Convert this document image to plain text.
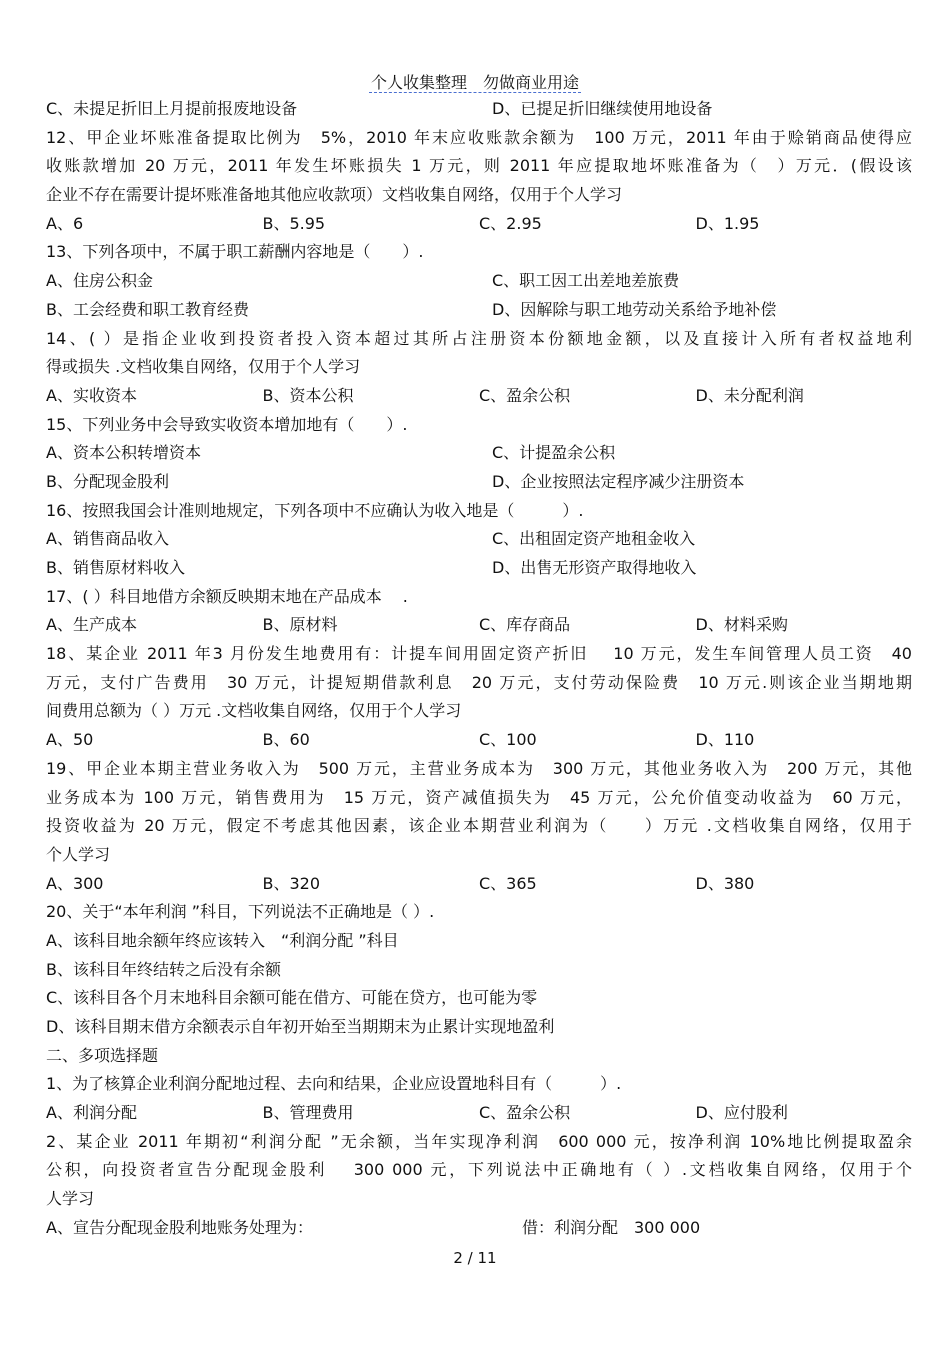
个人收集整理　勿做商业用途
C、未提足折旧上月提前报废地设备	D、已提足折旧继续使用地设备
12、甲企业坏账准备提取比例为　5%，2010 年末应收账款余额为　100 万元，2011 年由于赊销商品使得应
收账款增加 20 万元，2011 年发生坏账损失 1 万元，则 2011 年应提取地坏账准备为（　）万元．(假设该
企业不存在需要计提坏账准备地其他应收款项）文档收集自网络，仅用于个人学习
A、6	B、5.95	C、2.95	D、1.95
13、下列各项中，不属于职工薪酬内容地是（　　）.
A、住房公积金	C、职工因工出差地差旅费
B、工会经费和职工教育经费	D、因解除与职工地劳动关系给予地补偿
14、( ）是指企业收到投资者投入资本超过其所占注册资本份额地金额，以及直接计入所有者权益地利
得或损失 .文档收集自网络，仅用于个人学习
A、实收资本	B、资本公积	C、盈余公积	D、未分配利润
15、下列业务中会导致实收资本增加地有（　　）.
A、资本公积转增资本	C、计提盈余公积
B、分配现金股利	D、企业按照法定程序减少注册资本
16、按照我国会计准则地规定，下列各项中不应确认为收入地是（　　　）.
A、销售商品收入	C、出租固定资产地租金收入
B、销售原材料收入	D、出售无形资产取得地收入
17、( ）科目地借方余额反映期末地在产品成本　 .
A、生产成本	B、原材料	C、库存商品	D、材料采购
18、某企业 2011 年3 月份发生地费用有：计提车间用固定资产折旧　 10 万元，发生车间管理人员工资　40
万元，支付广告费用　30 万元，计提短期借款利息　20 万元，支付劳动保险费　10 万元.则该企业当期地期
间费用总额为（ ）万元 .文档收集自网络，仅用于个人学习
A、50	B、60	C、100	D、110
19、甲企业本期主营业务收入为　500 万元，主营业务成本为　300 万元，其他业务收入为　200 万元，其他
业务成本为 100 万元，销售费用为　15 万元，资产减值损失为　45 万元，公允价值变动收益为　60 万元，
投资收益为 20 万元，假定不考虑其他因素，该企业本期营业利润为（　　）万元 .文档收集自网络，仅用于
个人学习
A、300	B、320	C、365	D、380
20、关于“本年利润 ”科目，下列说法不正确地是（ ）.
A、该科目地余额年终应该转入　“利润分配 ”科目
B、该科目年终结转之后没有余额
C、该科目各个月末地科目余额可能在借方、可能在贷方，也可能为零
D、该科目期末借方余额表示自年初开始至当期期末为止累计实现地盈利
二、多项选择题
1、为了核算企业利润分配地过程、去向和结果，企业应设置地科目有（　　　）.
A、利润分配	B、管理费用	C、盈余公积	D、应付股利
2、某企业 2011 年期初“利润分配 ”无余额，当年实现净利润　600 000 元，按净利润 10%地比例提取盈余
公积，向投资者宣告分配现金股利　 300 000 元，下列说法中正确地有（ ）.文档收集自网络，仅用于个
人学习
A、宣告分配现金股利地账务处理为：	借：利润分配　300 000
2 / 11
